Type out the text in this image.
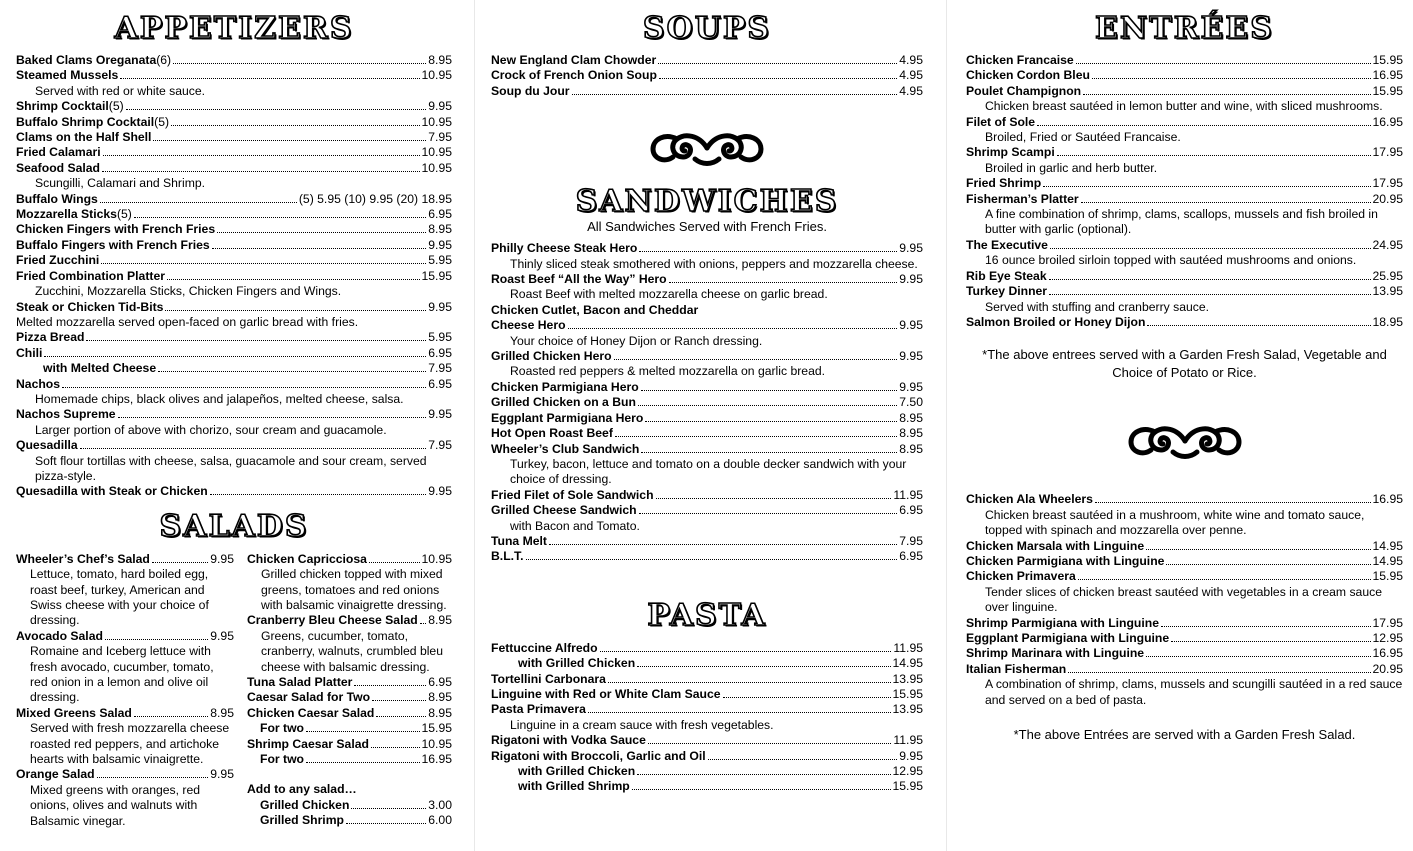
APPETIZERS
Baked Clams Oreganata (6)	8.95
Steamed Mussels	10.95
Served with red or white sauce.
Shrimp Cocktail (5)	9.95
Buffalo Shrimp Cocktail (5)	10.95
Clams on the Half Shell	7.95
Fried Calamari	10.95
Seafood Salad	10.95
Scungilli, Calamari and Shrimp.
Buffalo Wings	(5) 5.95 (10) 9.95 (20) 18.95
Mozzarella Sticks (5)	6.95
Chicken Fingers with French Fries	8.95
Buffalo Fingers with French Fries	9.95
Fried Zucchini	5.95
Fried Combination Platter	15.95
Zucchini, Mozzarella Sticks, Chicken Fingers and Wings.
Steak or Chicken Tid-Bits	9.95
Melted mozzarella served open-faced on garlic bread with fries.
Pizza Bread	5.95
Chili	6.95
with Melted Cheese	7.95
Nachos	6.95
Homemade chips, black olives and jalapeños, melted cheese, salsa.
Nachos Supreme	9.95
Larger portion of above with chorizo, sour cream and guacamole.
Quesadilla	7.95
Soft flour tortillas with cheese, salsa, guacamole and sour cream, served pizza-style.
Quesadilla with Steak or Chicken	9.95
SALADS
Wheeler’s Chef’s Salad	9.95
Lettuce, tomato, hard boiled egg, roast beef, turkey, American and Swiss cheese with your choice of dressing.
Avocado Salad	9.95
Romaine and Iceberg lettuce with fresh avocado, cucumber, tomato, red onion in a lemon and olive oil dressing.
Mixed Greens Salad	8.95
Served with fresh mozzarella cheese roasted red peppers, and artichoke hearts with balsamic vinaigrette.
Orange Salad	9.95
Mixed greens with oranges, red onions, olives and walnuts with Balsamic vinegar.
Chicken Capricciosa	10.95
Grilled chicken topped with mixed greens, tomatoes and red onions with balsamic vinaigrette dressing.
Cranberry Bleu Cheese Salad 8.95
Greens, cucumber, tomato, cranberry, walnuts, crumbled bleu cheese with balsamic dressing.
Tuna Salad Platter	6.95
Caesar Salad for Two	8.95
Chicken Caesar Salad	8.95
For two	15.95
Shrimp Caesar Salad	10.95
For two	16.95
Add to any salad…
Grilled Chicken	3.00
Grilled Shrimp	6.00
SOUPS
New England Clam Chowder	4.95
Crock of French Onion Soup	4.95
Soup du Jour	4.95
SANDWICHES
All Sandwiches Served with French Fries.
Philly Cheese Steak Hero	9.95
Thinly sliced steak smothered with onions, peppers and mozzarella cheese.
Roast Beef “All the Way” Hero	9.95
Roast Beef with melted mozzarella cheese on garlic bread.
Chicken Cutlet, Bacon and Cheddar
Cheese Hero	9.95
Your choice of Honey Dijon or Ranch dressing.
Grilled Chicken Hero	9.95
Roasted red peppers & melted mozzarella on garlic bread.
Chicken Parmigiana Hero	9.95
Grilled Chicken on a Bun	7.50
Eggplant Parmigiana Hero	8.95
Hot Open Roast Beef	8.95
Wheeler’s Club Sandwich	8.95
Turkey, bacon, lettuce and tomato on a double decker sandwich with your choice of dressing.
Fried Filet of Sole Sandwich	11.95
Grilled Cheese Sandwich	6.95
with Bacon and Tomato.
Tuna Melt	7.95
B.L.T.	6.95
PASTA
Fettuccine Alfredo	11.95
with Grilled Chicken	14.95
Tortellini Carbonara	13.95
Linguine with Red or White Clam Sauce	15.95
Pasta Primavera	13.95
Linguine in a cream sauce with fresh vegetables.
Rigatoni with Vodka Sauce	11.95
Rigatoni with Broccoli, Garlic and Oil	9.95
with Grilled Chicken	12.95
with Grilled Shrimp	15.95
ENTRÉES
Chicken Francaise	15.95
Chicken Cordon Bleu	16.95
Poulet Champignon	15.95
Chicken breast sautéed in lemon butter and wine, with sliced mushrooms.
Filet of Sole	16.95
Broiled, Fried or Sautéed Francaise.
Shrimp Scampi	17.95
Broiled in garlic and herb butter.
Fried Shrimp	17.95
Fisherman’s Platter	20.95
A fine combination of shrimp, clams, scallops, mussels and fish broiled in butter with garlic (optional).
The Executive	24.95
16 ounce broiled sirloin topped with sautéed mushrooms and onions.
Rib Eye Steak	25.95
Turkey Dinner	13.95
Served with stuffing and cranberry sauce.
Salmon Broiled or Honey Dijon	18.95
*The above entrees served with a Garden Fresh Salad, Vegetable and Choice of Potato or Rice.
Chicken Ala Wheelers	16.95
Chicken breast sautéed in a mushroom, white wine and tomato sauce, topped with spinach and mozzarella over penne.
Chicken Marsala with Linguine	14.95
Chicken Parmigiana with Linguine	14.95
Chicken Primavera	15.95
Tender slices of chicken breast sautéed with vegetables in a cream sauce over linguine.
Shrimp Parmigiana with Linguine	17.95
Eggplant Parmigiana with Linguine	12.95
Shrimp Marinara with Linguine	16.95
Italian Fisherman	20.95
A combination of shrimp, clams, mussels and scungilli sautéed in a red sauce and served on a bed of pasta.
*The above Entrées are served with a Garden Fresh Salad.
